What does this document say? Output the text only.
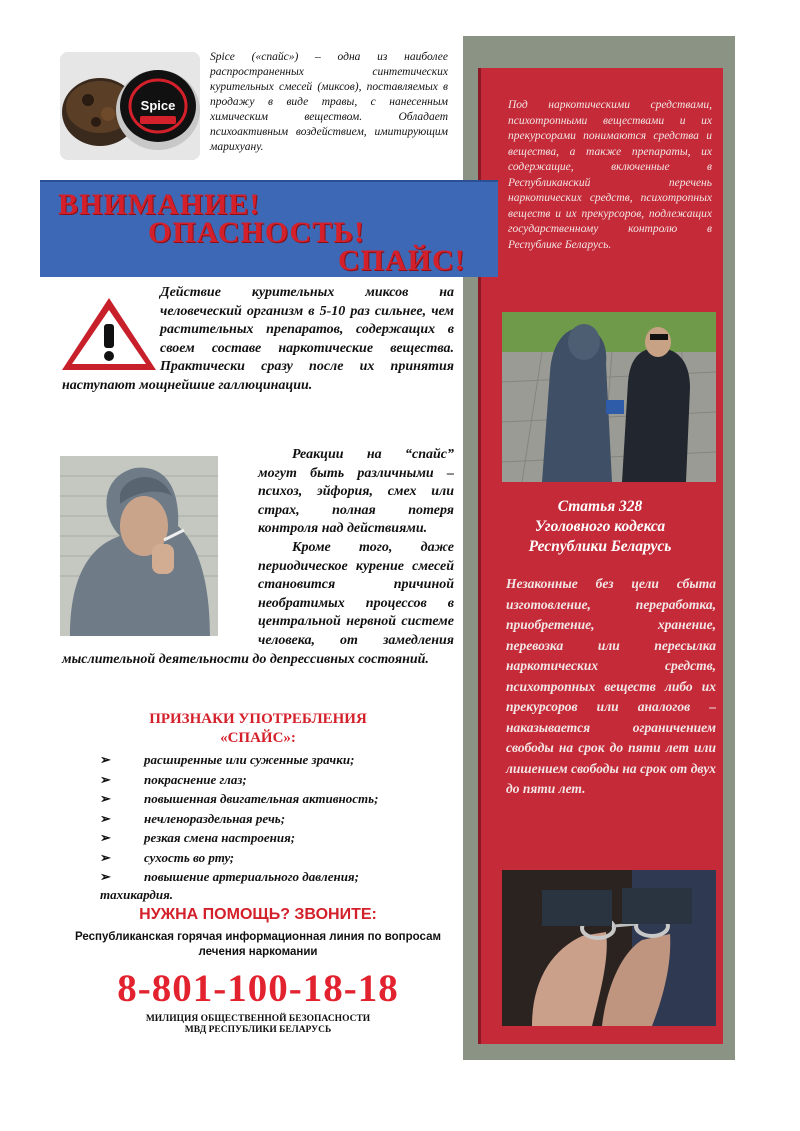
Spice

Spice («спайс») – одна из наиболее распространенных синтетических курительных смесей (миксов), поставляемых в продажу в виде травы, с нанесенным химическим веществом. Обладает психоактивным воздействием, имитирующим марихуану.

ВНИМАНИЕ!

ОПАСНОСТЬ!

СПАЙС!

Действие курительных миксов на человеческий организм в 5-10 раз сильнее, чем растительных препаратов, содержащих в своем составе наркотические вещества. Практически сразу после их принятия наступают мощнейшие галлюцинации.

Реакции на “спайс” могут быть различными – психоз, эйфория, смех или страх, полная потеря контроля над действиями.

Кроме того, даже периодическое курение смесей становится причиной необратимых процессов в центральной нервной системе человека, от замедления мыслительной деятельности до депрессивных состояний.

ПРИЗНАКИ УПОТРЕБЛЕНИЯ
«СПАЙС»:

➢	расширенные или суженные зрачки;
➢	покраснение глаз;
➢	повышенная двигательная активность;
➢	нечленораздельная речь;
➢	резкая смена настроения;
➢	сухость во рту;
➢	повышение артериального давления;

тахикардия.

НУЖНА ПОМОЩЬ? ЗВОНИТЕ:

Республиканская горячая информационная линия по вопросам лечения наркомании

8-801-100-18-18

МИЛИЦИЯ ОБЩЕСТВЕННОЙ БЕЗОПАСНОСТИ
МВД РЕСПУБЛИКИ БЕЛАРУСЬ

Под наркотическими средствами, психотропными веществами и их прекурсорами понимаются средства и вещества, а также препараты, их содержащие, включенные в Республиканский перечень наркотических средств, психотропных веществ и их прекурсоров, подлежащих государственному контролю в Республике Беларусь.

Статья 328
Уголовного кодекса
Республики Беларусь

Незаконные без цели сбыта изготовление, переработка, приобретение, хранение, перевозка или пересылка наркотических средств, психотропных веществ либо их прекурсоров или аналогов – наказывается ограничением свободы на срок до пяти лет или лишением свободы на срок от двух до пяти лет.
